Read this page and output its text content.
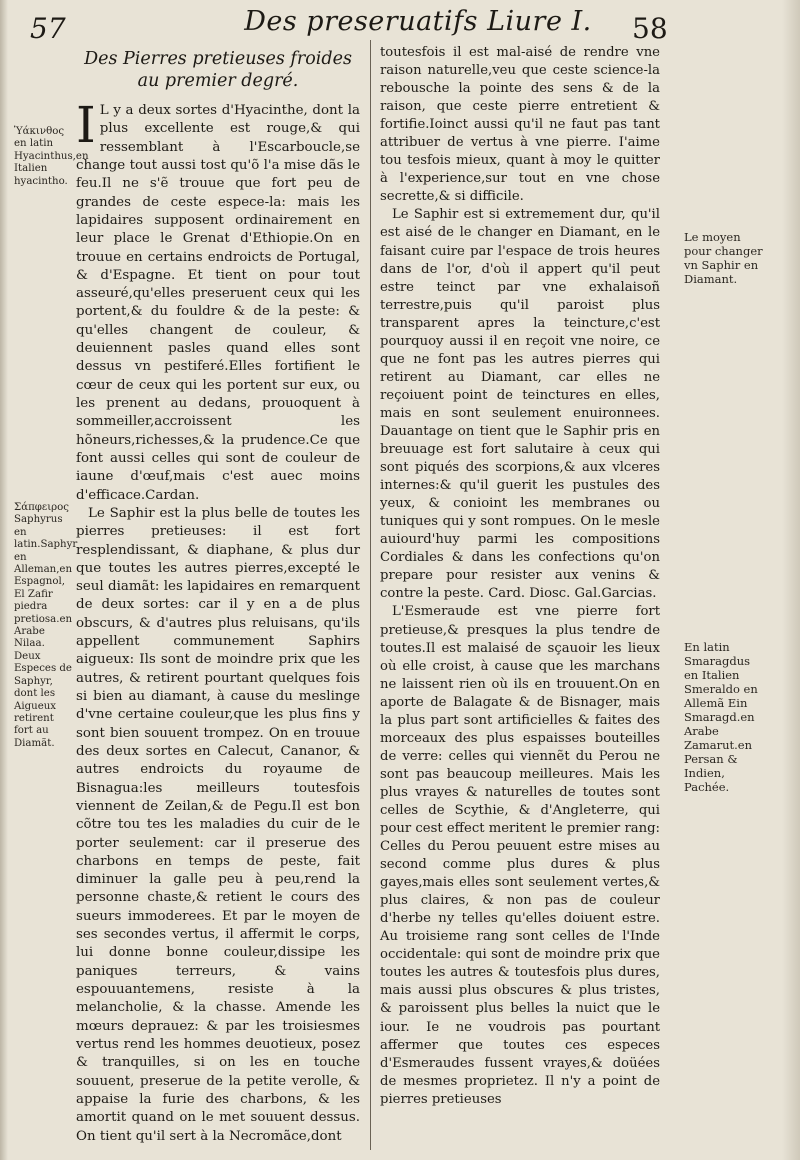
57	Des preseruatifs Liure I.	58
Ὑάκινθος en latin Hyacinthus,en Italien hyacintho.
Σάπφειρος Saphyrus en latin.Saphyr en Alleman,en Espagnol, El Zafir piedra pretiosa.en Arabe Nilaa. Deux Especes de Saphyr, dont les Aigueux retirent fort au Diamãt.
Le moyen pour changer vn Saphir en Diamant.
En latin Smaragdus en Italien Smeraldo en Allemã Ein Smaragd.en Arabe Zamarut.en Persan & Indien, Pachée.

Des Pierres pretieuses froides au premier degré.

I L y a deux sortes d'Hyacinthe, dont la plus excellente est rouge,& qui ressemblant à l'Escarboucle,se change tout aussi tost qu'õ l'a mise dãs le feu.Il ne s'ẽ trouue que fort peu de grandes de ceste espece-la: mais les lapidaires supposent ordinairement en leur place le Grenat d'Ethiopie.On en trouue en certains endroicts de Portugal, & d'Espagne. Et tient on pour tout asseuré,qu'elles preseruent ceux qui les portent,& du fouldre & de la peste: & qu'elles changent de couleur, & deuiennent pasles quand elles sont dessus vn pestiferé.Elles fortifient le cœur de ceux qui les portent sur eux, ou les prenent au dedans, prouoquent à sommeiller,accroissent les hõneurs,richesses,& la prudence.Ce que font aussi celles qui sont de couleur de iaune d'œuf,mais c'est auec moins d'efficace.Cardan.

Le Saphir est la plus belle de toutes les pierres pretieuses: il est fort resplendissant, & diaphane, & plus dur que toutes les autres pierres,excepté le seul diamãt: les lapidaires en remarquent de deux sortes: car il y en a de plus obscurs, & d'autres plus reluisans, qu'ils appellent communement Saphirs aigueux: Ils sont de moindre prix que les autres, & retirent pourtant quelques fois si bien au diamant, à cause du meslinge d'vne certaine couleur,que les plus fins y sont bien souuent trompez. On en trouue des deux sortes en Calecut, Cananor, & autres endroicts du royaume de Bisnagua:les meilleurs toutesfois viennent de Zeilan,& de Pegu.Il est bon cõtre tou tes les maladies du cuir de le porter seulement: car il preserue des charbons en temps de peste, fait diminuer la galle peu à peu,rend la personne chaste,& retient le cours des sueurs immoderees. Et par le moyen de ses secondes vertus, il affermit le corps, lui donne bonne couleur,dissipe les paniques terreurs, & vains espouuantemens, resiste à la melancholie, & la chasse. Amende les mœurs deprauez: & par les troisiesmes vertus rend les hommes deuotieux, posez & tranquilles, si on les en touche souuent, preserue de la petite verolle, & appaise la furie des charbons, & les amortit quand on le met souuent dessus. On tient qu'il sert à la Necromãce,dont

toutesfois il est mal-aisé de rendre vne raison naturelle,veu que ceste science-la rebousche la pointe des sens & de la raison, que ceste pierre entretient & fortifie.Ioinct aussi qu'il ne faut pas tant attribuer de vertus à vne pierre. I'aime tou tesfois mieux, quant à moy le quitter à l'experience,sur tout en vne chose secrette,& si difficile.

Le Saphir est si extremement dur, qu'il est aisé de le changer en Diamant, en le faisant cuire par l'espace de trois heures dans de l'or, d'où il appert qu'il peut estre teinct par vne exhalaisoñ terrestre,puis qu'il paroist plus transparent apres la teincture,c'est pourquoy aussi il en reçoit vne noire, ce que ne font pas les autres pierres qui retirent au Diamant, car elles ne reçoiuent point de teinctures en elles, mais en sont seulement enuironnees. Dauantage on tient que le Saphir pris en breuuage est fort salutaire à ceux qui sont piqués des scorpions,& aux vlceres internes:& qu'il guerit les pustules des yeux, & conioint les membranes ou tuniques qui y sont rompues. On le mesle auiourd'huy parmi les compositions Cordiales & dans les confections qu'on prepare pour resister aux venins & contre la peste. Card. Diosc. Gal.Garcias.

L'Esmeraude est vne pierre fort pretieuse,& presques la plus tendre de toutes.Il est malaisé de sçauoir les lieux où elle croist, à cause que les marchans ne laissent rien où ils en trouuent.On en aporte de Balagate & de Bisnager, mais la plus part sont artificielles & faites des morceaux des plus espaisses bouteilles de verre: celles qui viennẽt du Perou ne sont pas beaucoup meilleures. Mais les plus vrayes & naturelles de toutes sont celles de Scythie, & d'Angleterre, qui pour cest effect meritent le premier rang: Celles du Perou peuuent estre mises au second comme plus dures & plus gayes,mais elles sont seulement vertes,& plus claires, & non pas de couleur d'herbe ny telles qu'elles doiuent estre. Au troisieme rang sont celles de l'Inde occidentale: qui sont de moindre prix que toutes les autres & toutesfois plus dures, mais aussi plus obscures & plus tristes, & paroissent plus belles la nuict que le iour. Ie ne voudrois pas pourtant affermer que toutes ces especes d'Esmeraudes fussent vrayes,& doüées de mesmes proprietez. Il n'y a point de pierres pretieuses
